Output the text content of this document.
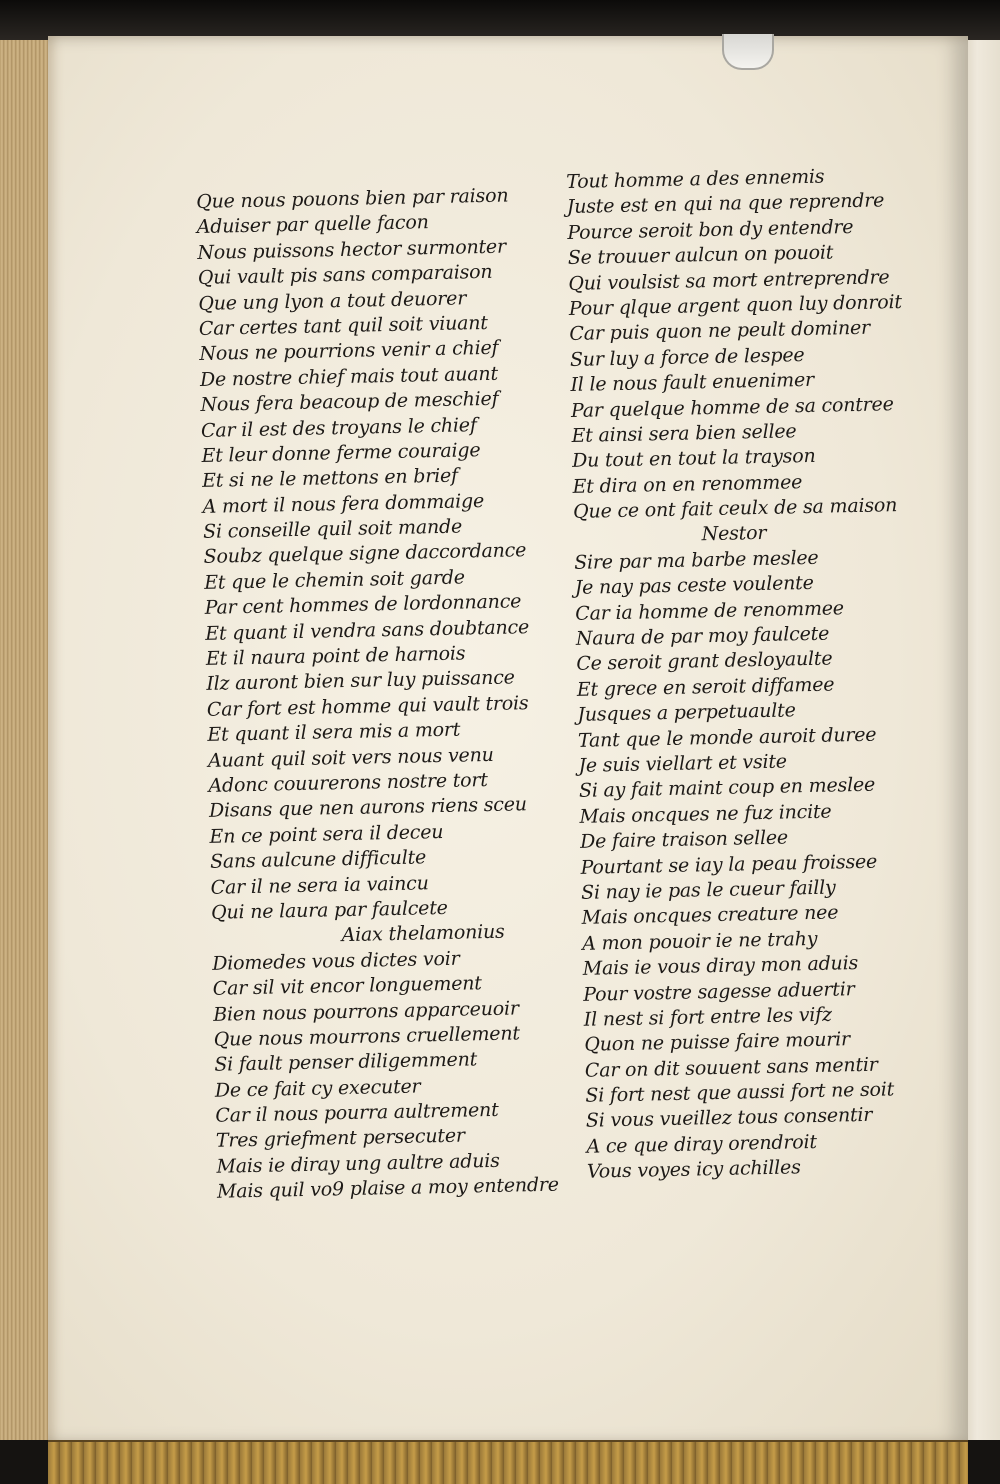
Que nous pouons bien par raison
Aduiser par quelle facon
Nous puissons hector surmonter
Qui vault pis sans comparaison
Que ung lyon a tout deuorer
Car certes tant quil soit viuant
Nous ne pourrions venir a chief
De nostre chief mais tout auant
Nous fera beacoup de meschief
Car il est des troyans le chief
Et leur donne ferme couraige
Et si ne le mettons en brief
A mort il nous fera dommaige
Si conseille quil soit mande
Soubz quelque signe daccordance
Et que le chemin soit garde
Par cent hommes de lordonnance
Et quant il vendra sans doubtance
Et il naura point de harnois
Ilz auront bien sur luy puissance
Car fort est homme qui vault trois
Et quant il sera mis a mort
Auant quil soit vers nous venu
Adonc couurerons nostre tort
Disans que nen aurons riens sceu
En ce point sera il deceu
Sans aulcune difficulte
Car il ne sera ia vaincu
Qui ne laura par faulcete
Aiax thelamonius
Diomedes vous dictes voir
Car sil vit encor longuement
Bien nous pourrons apparceuoir
Que nous mourrons cruellement
Si fault penser diligemment
De ce fait cy executer
Car il nous pourra aultrement
Tres griefment persecuter
Mais ie diray ung aultre aduis
Mais quil vo9 plaise a moy entendre
Tout homme a des ennemis
Juste est en qui na que reprendre
Pource seroit bon dy entendre
Se trouuer aulcun on pouoit
Qui voulsist sa mort entreprendre
Pour qlque argent quon luy donroit
Car puis quon ne peult dominer
Sur luy a force de lespee
Il le nous fault enuenimer
Par quelque homme de sa contree
Et ainsi sera bien sellee
Du tout en tout la trayson
Et dira on en renommee
Que ce ont fait ceulx de sa maison
Nestor
Sire par ma barbe meslee
Je nay pas ceste voulente
Car ia homme de renommee
Naura de par moy faulcete
Ce seroit grant desloyaulte
Et grece en seroit diffamee
Jusques a perpetuaulte
Tant que le monde auroit duree
Je suis viellart et vsite
Si ay fait maint coup en meslee
Mais oncques ne fuz incite
De faire traison sellee
Pourtant se iay la peau froissee
Si nay ie pas le cueur failly
Mais oncques creature nee
A mon pouoir ie ne trahy
Mais ie vous diray mon aduis
Pour vostre sagesse aduertir
Il nest si fort entre les vifz
Quon ne puisse faire mourir
Car on dit souuent sans mentir
Si fort nest que aussi fort ne soit
Si vous vueillez tous consentir
A ce que diray orendroit
Vous voyes icy achilles
